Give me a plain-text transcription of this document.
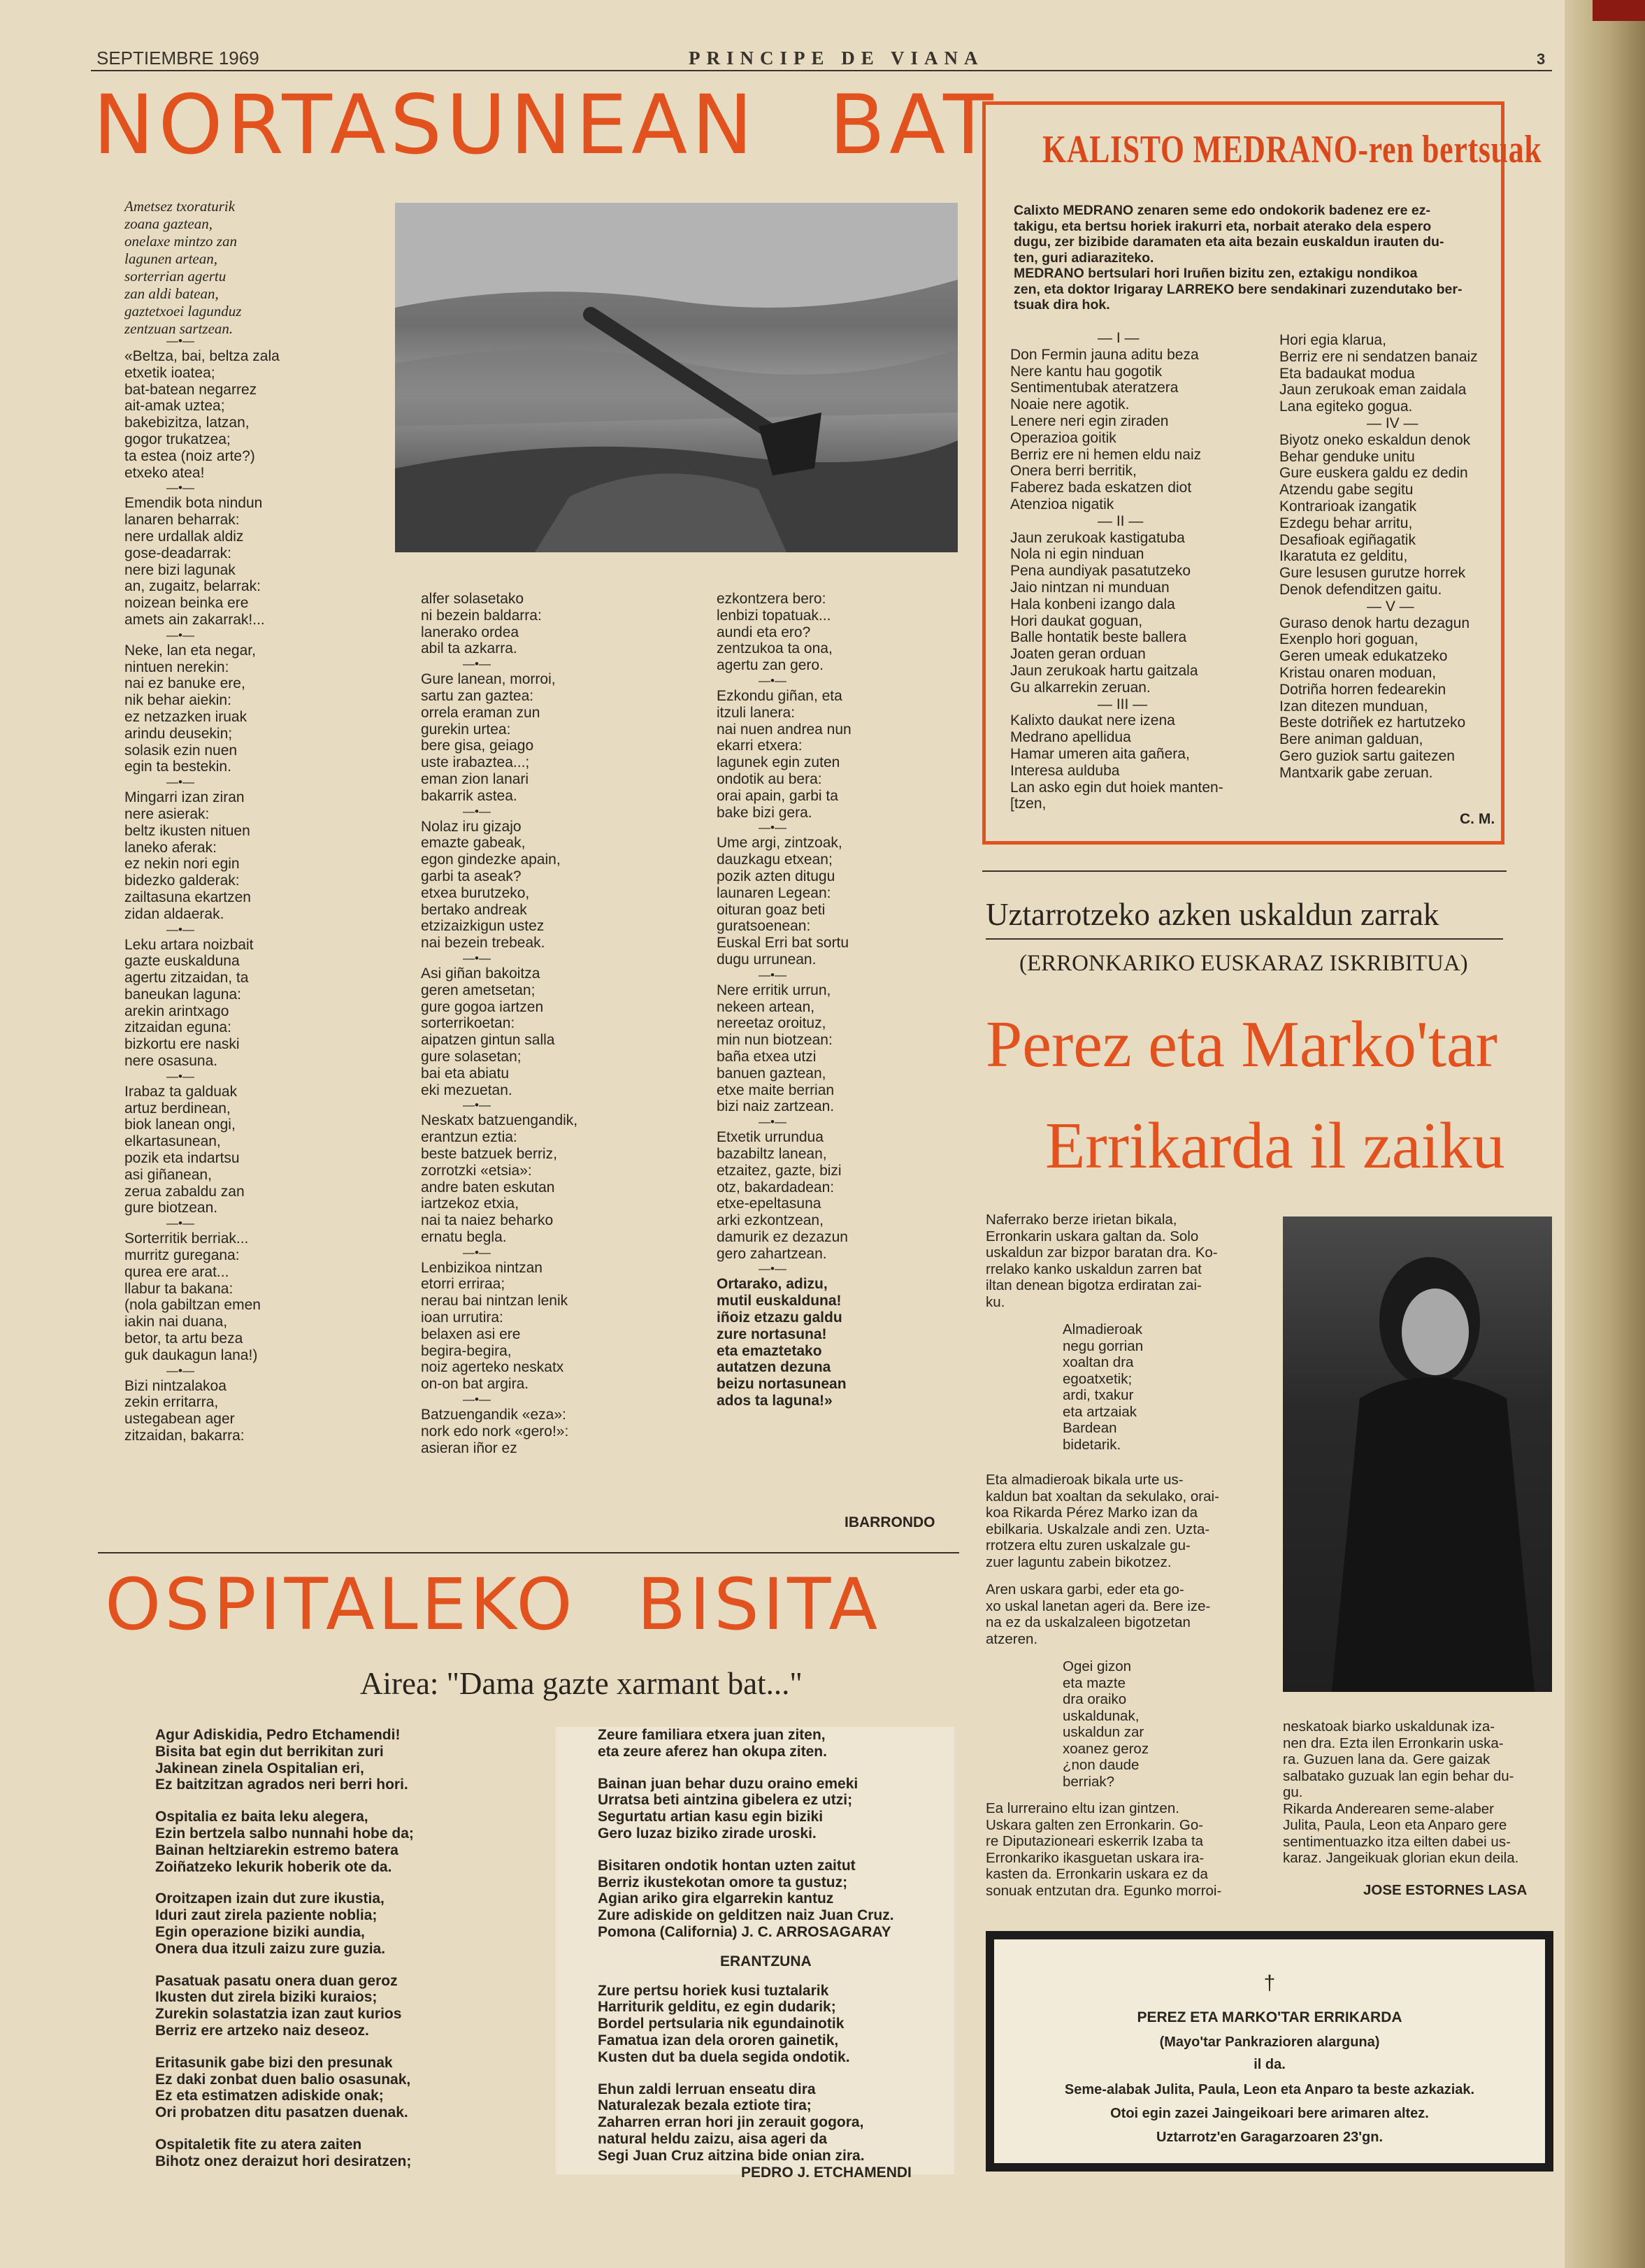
SEPTIEMBRE 1969	PRINCIPE DE VIANA	3
NORTASUNEAN BAT
Ametsez txoraturik
zoana gaztean,
onelaxe mintzo zan
lagunen artean,
sorterrian agertu
zan aldi batean,
gaztetxoei lagunduz
zentzuan sartzean.
—•—
«Beltza, bai, beltza zala
etxetik ioatea;
bat-batean negarrez
ait-amak uztea;
bakebizitza, latzan,
gogor trukatzea;
ta estea (noiz arte?)
etxeko atea!
—•—
Emendik bota nindun
lanaren beharrak:
nere urdallak aldiz
gose-deadarrak:
nere bizi lagunak
an, zugaitz, belarrak:
noizean beinka ere
amets ain zakarrak!...
—•—
Neke, lan eta negar,
nintuen nerekin:
nai ez banuke ere,
nik behar aiekin:
ez netzazken iruak
arindu deusekin;
solasik ezin nuen
egin ta bestekin.
—•—
Mingarri izan ziran
nere asierak:
beltz ikusten nituen
laneko aferak:
ez nekin nori egin
bidezko galderak:
zailtasuna ekartzen
zidan aldaerak.
—•—
Leku artara noizbait
gazte euskalduna
agertu zitzaidan, ta
baneukan laguna:
arekin arintxago
zitzaidan eguna:
bizkortu ere naski
nere osasuna.
—•—
Irabaz ta galduak
artuz berdinean,
biok lanean ongi,
elkartasunean,
pozik eta indartsu
asi giñanean,
zerua zabaldu zan
gure biotzean.
—•—
Sorterritik berriak...
murritz guregana:
qurea ere arat...
llabur ta bakana:
(nola gabiltzan emen
iakin nai duana,
betor, ta artu beza
guk daukagun lana!)
—•—
Bizi nintzalakoa
zekin erritarra,
ustegabean ager
zitzaidan, bakarra:
alfer solasetako
ni bezein baldarra:
lanerako ordea
abil ta azkarra.
—•—
Gure lanean, morroi,
sartu zan gaztea:
orrela eraman zun
gurekin urtea:
bere gisa, geiago
uste irabaztea...;
eman zion lanari
bakarrik astea.
—•—
Nolaz iru gizajo
emazte gabeak,
egon gindezke apain,
garbi ta aseak?
etxea burutzeko,
bertako andreak
etzizaizkigun ustez
nai bezein trebeak.
—•—
Asi giñan bakoitza
geren ametsetan;
gure gogoa iartzen
sorterrikoetan:
aipatzen gintun salla
gure solasetan;
bai eta abiatu
eki mezuetan.
—•—
Neskatx batzuengandik,
erantzun eztia:
beste batzuek berriz,
zorrotzki «etsia»:
andre baten eskutan
iartzekoz etxia,
nai ta naiez beharko
ernatu begla.
—•—
Lenbizikoa nintzan
etorri erriraa;
nerau bai nintzan lenik
ioan urrutira:
belaxen asi ere
begira-begira,
noiz agerteko neskatx
on-on bat argira.
—•—
Batzuengandik «eza»:
nork edo nork «gero!»:
asieran iñor ez
ezkontzera bero:
lenbizi topatuak...
aundi eta ero?
zentzukoa ta ona,
agertu zan gero.
—•—
Ezkondu giñan, eta
itzuli lanera:
nai nuen andrea nun
ekarri etxera:
lagunek egin zuten
ondotik au bera:
orai apain, garbi ta
bake bizi gera.
—•—
Ume argi, zintzoak,
dauzkagu etxean;
pozik azten ditugu
launaren Legean:
oituran goaz beti
guratsoenean:
Euskal Erri bat sortu
dugu urrunean.
—•—
Nere erritik urrun,
nekeen artean,
nereetaz oroituz,
min nun biotzean:
baña etxea utzi
banuen gaztean,
etxe maite berrian
bizi naiz zartzean.
—•—
Etxetik urrundua
bazabiltz lanean,
etzaitez, gazte, bizi
otz, bakardadean:
etxe-epeltasuna
arki ezkontzean,
damurik ez dezazun
gero zahartzean.
—•—
Ortarako, adizu,
mutil euskalduna!
iñoiz etzazu galdu
zure nortasuna!
eta emaztetako
autatzen dezuna
beizu nortasunean
ados ta laguna!»
IBARRONDO
KALISTO MEDRANO-ren bertsuak
Calixto MEDRANO zenaren seme edo ondokorik badenez ere ez-
takigu, eta bertsu horiek irakurri eta, norbait aterako dela espero
dugu, zer bizibide daramaten eta aita bezain euskaldun irauten du-
ten, guri adiaraziteko.
MEDRANO bertsulari hori Iruñen bizitu zen, eztakigu nondikoa
zen, eta doktor Irigaray LARREKO bere sendakinari zuzendutako ber-
tsuak dira hok.
— I —
Don Fermin jauna aditu beza
Nere kantu hau gogotik
Sentimentubak ateratzera
Noaie nere agotik.
Lenere neri egin ziraden
Operazioa goitik
Berriz ere ni hemen eldu naiz
Onera berri berritik,
Faberez bada eskatzen diot
Atenzioa nigatik
— II —
Jaun zerukoak kastigatuba
Nola ni egin ninduan
Pena aundiyak pasatutzeko
Jaio nintzan ni munduan
Hala konbeni izango dala
Hori daukat goguan,
Balle hontatik beste ballera
Joaten geran orduan
Jaun zerukoak hartu gaitzala
Gu alkarrekin zeruan.
— III —
Kalixto daukat nere izena
Medrano apellidua
Hamar umeren aita gañera,
Interesa aulduba
Lan asko egin dut hoiek manten-
[tzen,
Hori egia klarua,
Berriz ere ni sendatzen banaiz
Eta badaukat modua
Jaun zerukoak eman zaidala
Lana egiteko gogua.
— IV —
Biyotz oneko eskaldun denok
Behar genduke unitu
Gure euskera galdu ez dedin
Atzendu gabe segitu
Kontrarioak izangatik
Ezdegu behar arritu,
Desafioak egiñagatik
Ikaratuta ez gelditu,
Gure lesusen gurutze horrek
Denok defenditzen gaitu.
— V —
Guraso denok hartu dezagun
Exenplo hori goguan,
Geren umeak edukatzeko
Kristau onaren moduan,
Dotriña horren fedearekin
Izan ditezen munduan,
Beste dotriñek ez hartutzeko
Bere animan galduan,
Gero guziok sartu gaitezen
Mantxarik gabe zeruan.
C. M.
Uztarrotzeko azken uskaldun zarrak
(ERRONKARIKO EUSKARAZ ISKRIBITUA)
Perez eta Marko'tar
Errikarda il zaiku
Naferrako berze irietan bikala,
Erronkarin uskara galtan da. Solo
uskaldun zar bizpor baratan dra. Ko-
rrelako kanko uskaldun zarren bat
iltan denean bigotza erdiratan zai-
ku.
Almadieroak
negu gorrian
xoaltan dra
egoatxetik;
ardi, txakur
eta artzaiak
Bardean
bidetarik.
Eta almadieroak bikala urte us-
kaldun bat xoaltan da sekulako, orai-
koa Rikarda Pérez Marko izan da
ebilkaria. Uskalzale andi zen. Uzta-
rrotzera eltu zuren uskalzale gu-
zuer laguntu zabein bikotzez.
Aren uskara garbi, eder eta go-
xo uskal lanetan ageri da. Bere ize-
na ez da uskalzaleen bigotzetan
atzeren.
Ogei gizon
eta mazte
dra oraiko
uskaldunak,
uskaldun zar
xoanez geroz
¿non daude
berriak?
Ea lurreraino eltu izan gintzen.
Uskara galten zen Erronkarin. Go-
re Diputazioneari eskerrik Izaba ta
Erronkariko ikasguetan uskara ira-
kasten da. Erronkarin uskara ez da
sonuak entzutan dra. Egunko morroi-
neskatoak biarko uskaldunak iza-
nen dra. Ezta ilen Erronkarin uska-
ra. Guzuen lana da. Gere gaizak
salbatako guzuak lan egin behar du-
gu.
Rikarda Anderearen seme-alaber
Julita, Paula, Leon eta Anparo gere
sentimentuazko itza eilten dabei us-
karaz. Jangeikuak glorian ekun deila.
JOSE ESTORNES LASA
†
PEREZ ETA MARKO'TAR ERRIKARDA
(Mayo'tar Pankrazioren alarguna)
il da.
Seme-alabak Julita, Paula, Leon eta Anparo ta beste azkaziak.
Otoi egin zazei Jaingeikoari bere arimaren altez.
Uztarrotz'en Garagarzoaren 23'gn.
OSPITALEKO BISITA
Airea: "Dama gazte xarmant bat..."
Agur Adiskidia, Pedro Etchamendi!
Bisita bat egin dut berrikitan zuri
Jakinean zinela Ospitalian eri,
Ez baitzitzan agrados neri berri hori.
Ospitalia ez baita leku alegera,
Ezin bertzela salbo nunnahi hobe da;
Bainan heltziarekin estremo batera
Zoiñatzeko lekurik hoberik ote da.
Oroitzapen izain dut zure ikustia,
Iduri zaut zirela paziente noblia;
Egin operazione biziki aundia,
Onera dua itzuli zaizu zure guzia.
Pasatuak pasatu onera duan geroz
Ikusten dut zirela biziki kuraios;
Zurekin solastatzia izan zaut kurios
Berriz ere artzeko naiz deseoz.
Eritasunik gabe bizi den presunak
Ez daki zonbat duen balio osasunak,
Ez eta estimatzen adiskide onak;
Ori probatzen ditu pasatzen duenak.
Ospitaletik fite zu atera zaiten
Bihotz onez deraizut hori desiratzen;
Zeure familiara etxera juan ziten,
eta zeure aferez han okupa ziten.
Bainan juan behar duzu oraino emeki
Urratsa beti aintzina gibelera ez utzi;
Segurtatu artian kasu egin biziki
Gero luzaz biziko zirade uroski.
Bisitaren ondotik hontan uzten zaitut
Berriz ikustekotan omore ta gustuz;
Agian ariko gira elgarrekin kantuz
Zure adiskide on gelditzen naiz Juan Cruz.
Pomona (California) J. C. ARROSAGARAY
ERANTZUNA
Zure pertsu horiek kusi tuztalarik
Harriturik gelditu, ez egin dudarik;
Bordel pertsularia nik egundainotik
Famatua izan dela ororen gainetik,
Kusten dut ba duela segida ondotik.
Ehun zaldi lerruan enseatu dira
Naturalezak bezala eztiote tira;
Zaharren erran hori jin zerauit gogora,
natural heldu zaizu, aisa ageri da
Segi Juan Cruz aitzina bide onian zira.
PEDRO J. ETCHAMENDI
